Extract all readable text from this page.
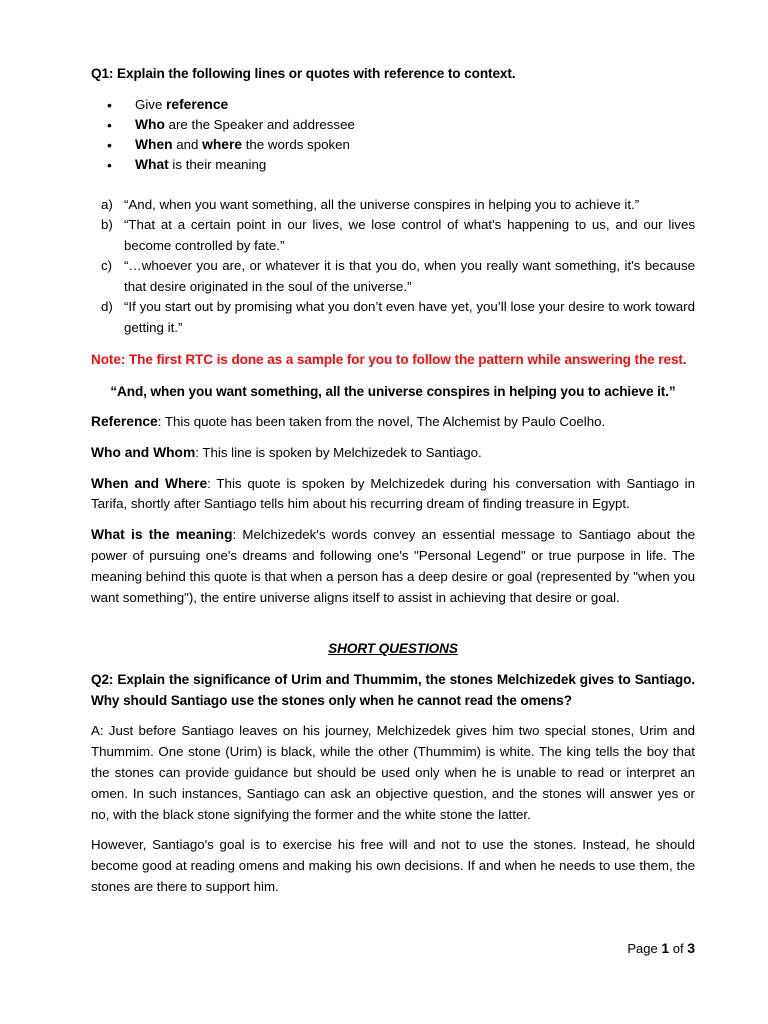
Q1: Explain the following lines or quotes with reference to context.
• Give reference
• Who are the Speaker and addressee
• When and where the words spoken
• What is their meaning
a) “And, when you want something, all the universe conspires in helping you to achieve it.”
b) “That at a certain point in our lives, we lose control of what's happening to us, and our lives become controlled by fate.”
c) “…whoever you are, or whatever it is that you do, when you really want something, it's because that desire originated in the soul of the universe.”
d) “If you start out by promising what you don’t even have yet, you’ll lose your desire to work toward getting it.”
Note: The first RTC is done as a sample for you to follow the pattern while answering the rest.
“And, when you want something, all the universe conspires in helping you to achieve it.”

Reference: This quote has been taken from the novel, The Alchemist by Paulo Coelho.

Who and Whom: This line is spoken by Melchizedek to Santiago.

When and Where: This quote is spoken by Melchizedek during his conversation with Santiago in Tarifa, shortly after Santiago tells him about his recurring dream of finding treasure in Egypt.

What is the meaning: Melchizedek's words convey an essential message to Santiago about the power of pursuing one's dreams and following one's "Personal Legend" or true purpose in life. The meaning behind this quote is that when a person has a deep desire or goal (represented by "when you want something"), the entire universe aligns itself to assist in achieving that desire or goal.

SHORT QUESTIONS
Q2: Explain the significance of Urim and Thummim, the stones Melchizedek gives to Santiago. Why should Santiago use the stones only when he cannot read the omens?

A: Just before Santiago leaves on his journey, Melchizedek gives him two special stones, Urim and Thummim. One stone (Urim) is black, while the other (Thummim) is white. The king tells the boy that the stones can provide guidance but should be used only when he is unable to read or interpret an omen. In such instances, Santiago can ask an objective question, and the stones will answer yes or no, with the black stone signifying the former and the white stone the latter.

However, Santiago's goal is to exercise his free will and not to use the stones. Instead, he should become good at reading omens and making his own decisions. If and when he needs to use them, the stones are there to support him.

Page 1 of 3
